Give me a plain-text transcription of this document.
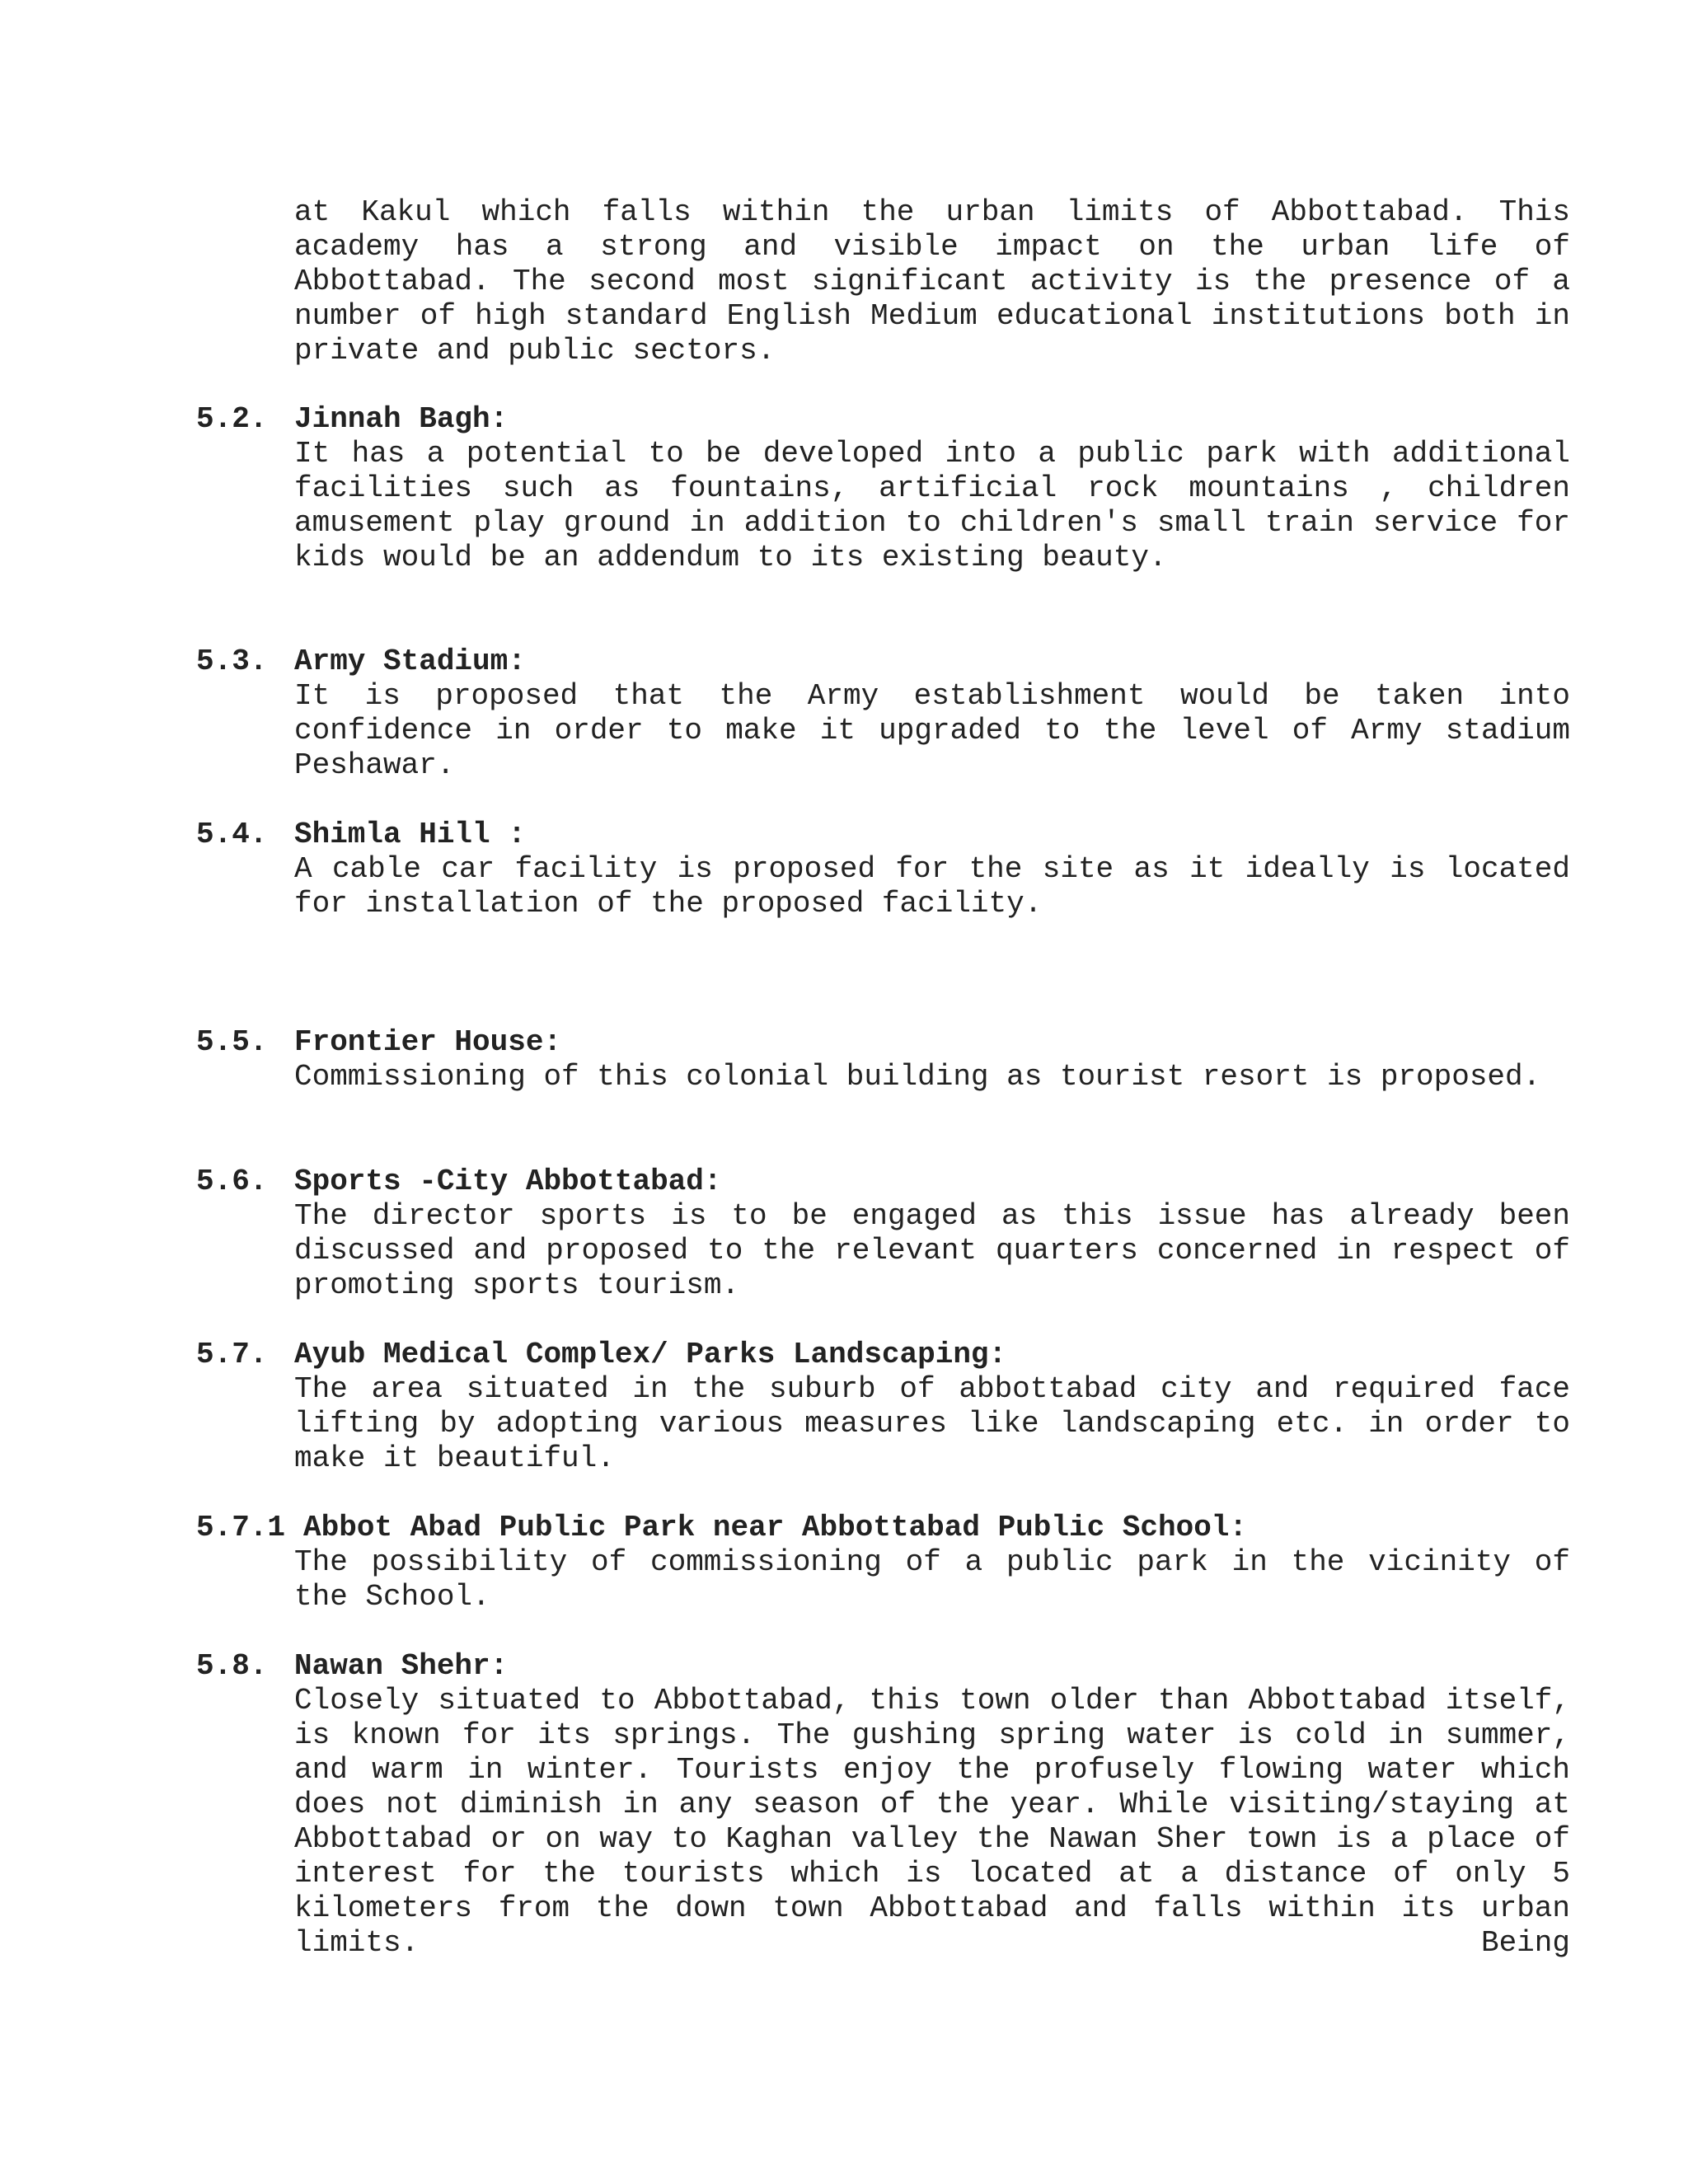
at Kakul which falls within the urban limits of Abbottabad. This academy has a strong and visible impact on the urban life of Abbottabad. The second most significant activity is the presence of a number of high standard English Medium educational institutions both in private and public sectors.

5.2. Jinnah Bagh:

It has a potential to be developed into a public park with additional facilities such as fountains, artificial rock mountains , children amusement play ground in addition to children's small train service for kids would be an addendum to its existing beauty.

5.3. Army Stadium:

It is proposed that the Army establishment would be taken into confidence in order to make it upgraded to the level of Army stadium Peshawar.

5.4. Shimla Hill :

A cable car facility is proposed for the site as it ideally is located for installation of the proposed facility.

5.5. Frontier House:

Commissioning of this colonial building as tourist resort is proposed.

5.6. Sports -City Abbottabad:

The director sports is to be engaged as this issue has already been discussed and proposed to the relevant quarters concerned in respect of promoting sports tourism.

5.7. Ayub Medical Complex/ Parks Landscaping:

The area situated in the suburb of abbottabad city and required face lifting by adopting various measures like landscaping etc. in order to make it beautiful.

5.7.1 Abbot Abad Public Park near Abbottabad Public School:

The possibility of commissioning of a public park in the vicinity of the School.

5.8. Nawan Shehr:

Closely situated to Abbottabad, this town older than Abbottabad itself, is known for its springs. The gushing spring water is cold in summer, and warm in winter. Tourists enjoy the profusely flowing water which does not diminish in any season of the year. While visiting/staying at Abbottabad or on way to Kaghan valley the Nawan Sher town is a place of interest for the tourists which is located at a distance of only 5 kilometers from the down town Abbottabad and falls within its urban limits. Being
